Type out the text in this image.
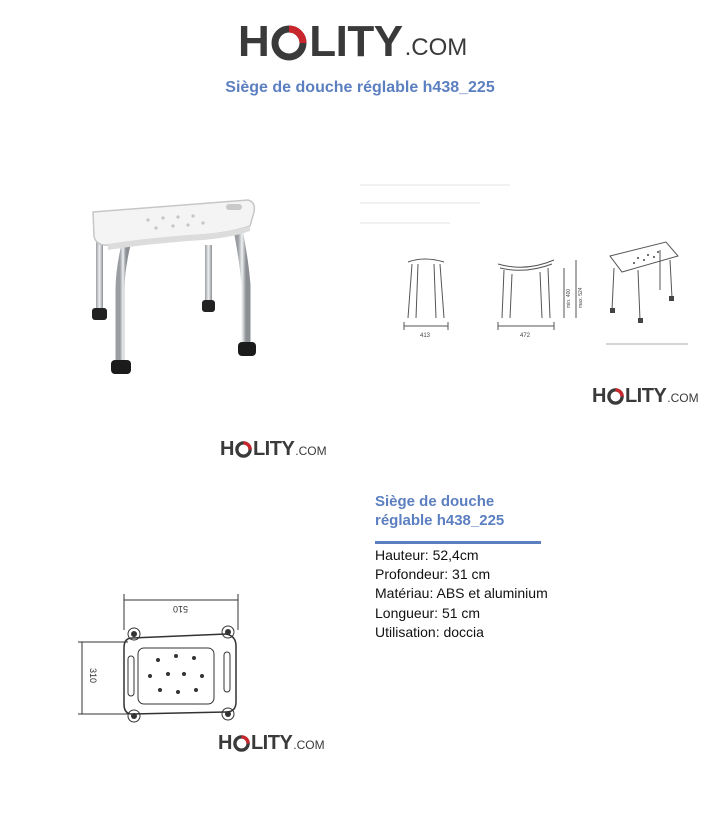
H LITY .COM
Siège de douche réglable h438_225
413	472
min. 400 max. 524
H LITY .COM
H LITY .COM
510
310
H LITY .COM
Siège de douche réglable h438_225
Hauteur: 52,4cm
Profondeur: 31 cm
Matériau: ABS et aluminium
Longueur: 51 cm
Utilisation: doccia
